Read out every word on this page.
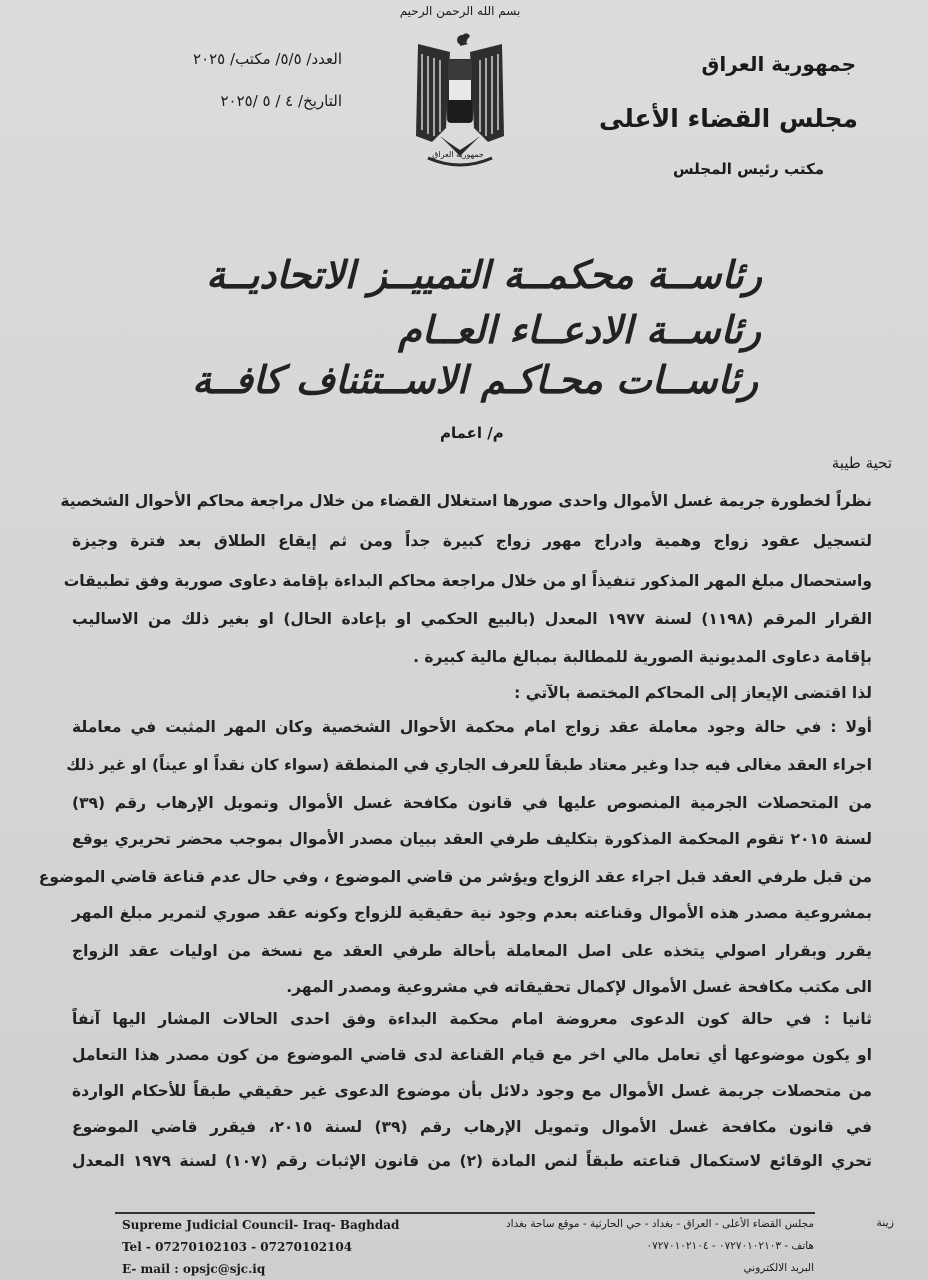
بسم الله الرحمن الرحيم
جمهورية العراق
جمهورية العراق
مجلس القضاء الأعلى
مكتب رئيس المجلس
العدد/ ٥/٥/ مكتب/ ٢٠٢٥
التاريخ/ ٤ / ٥ /٢٠٢٥
رئاســة محكمــة التمييــز الاتحاديــة
رئاســة الادعــاء العــام
رئاســات محـاكـم الاســتئناف كافــة
م/ اعمام
تحية طيبة
نظراً لخطورة جريمة غسل الأموال واحدى صورها استغلال القضاء من خلال مراجعة محاكم الأحوال الشخصية
لتسجيل عقود زواج وهمية وادراج مهور زواج كبيرة جداً ومن ثم إيقاع الطلاق بعد فترة وجيزة
واستحصال مبلغ المهر المذكور تنفيذاً او من خلال مراجعة محاكم البداءة بإقامة دعاوى صورية وفق تطبيقات
القرار المرقم (١١٩٨) لسنة ١٩٧٧ المعدل (بالبيع الحكمي او بإعادة الحال) او بغير ذلك من الاساليب
بإقامة دعاوى المديونية الصورية للمطالبة بمبالغ مالية كبيرة .
لذا اقتضى الإيعاز إلى المحاكم المختصة بالآتي :
أولا : في حالة وجود معاملة عقد زواج امام محكمة الأحوال الشخصية وكان المهر المثبت في معاملة
اجراء العقد مغالى فيه جدا وغير معتاد طبقاً للعرف الجاري في المنطقة (سواء كان نقداً او عيناً) او غير ذلك
من المتحصلات الجرمية المنصوص عليها في قانون مكافحة غسل الأموال وتمويل الإرهاب رقم (٣٩)
لسنة ٢٠١٥ تقوم المحكمة المذكورة بتكليف طرفي العقد ببيان مصدر الأموال بموجب محضر تحريري يوقع
من قبل طرفي العقد قبل اجراء عقد الزواج ويؤشر من قاضي الموضوع ، وفي حال عدم قناعة قاضي الموضوع
بمشروعية مصدر هذه الأموال وقناعته بعدم وجود نية حقيقية للزواج وكونه عقد صوري لتمرير مبلغ المهر
يقرر وبقرار اصولي يتخذه على اصل المعاملة بأحالة طرفي العقد مع نسخة من اوليات عقد الزواج
الى مكتب مكافحة غسل الأموال لإكمال تحقيقاته في مشروعية ومصدر المهر.
ثانيا : في حالة كون الدعوى معروضة امام محكمة البداءة وفق احدى الحالات المشار اليها آنفاً
او يكون موضوعها أي تعامل مالي اخر مع قيام القناعة لدى قاضي الموضوع من كون مصدر هذا التعامل
من متحصلات جريمة غسل الأموال مع وجود دلائل بأن موضوع الدعوى غير حقيقي طبقاً للأحكام الواردة
في قانون مكافحة غسل الأموال وتمويل الإرهاب رقم (٣٩) لسنة ٢٠١٥، فيقرر قاضي الموضوع
تحري الوقائع لاستكمال قناعته طبقاً لنص المادة (٢) من قانون الإثبات رقم (١٠٧) لسنة ١٩٧٩ المعدل
Supreme Judicial Council- Iraq- Baghdad
Tel - 07270102103 - 07270102104
E- mail : opsjc@sjc.iq
مجلس القضاء الأعلى - العراق - بغداد - حي الحارثية - موقع ساحة بغداد
هاتف - ٠٧٢٧٠١٠٢١٠٣ - ٠٧٢٧٠١٠٢١٠٤
البريد الالكتروني
زينة
